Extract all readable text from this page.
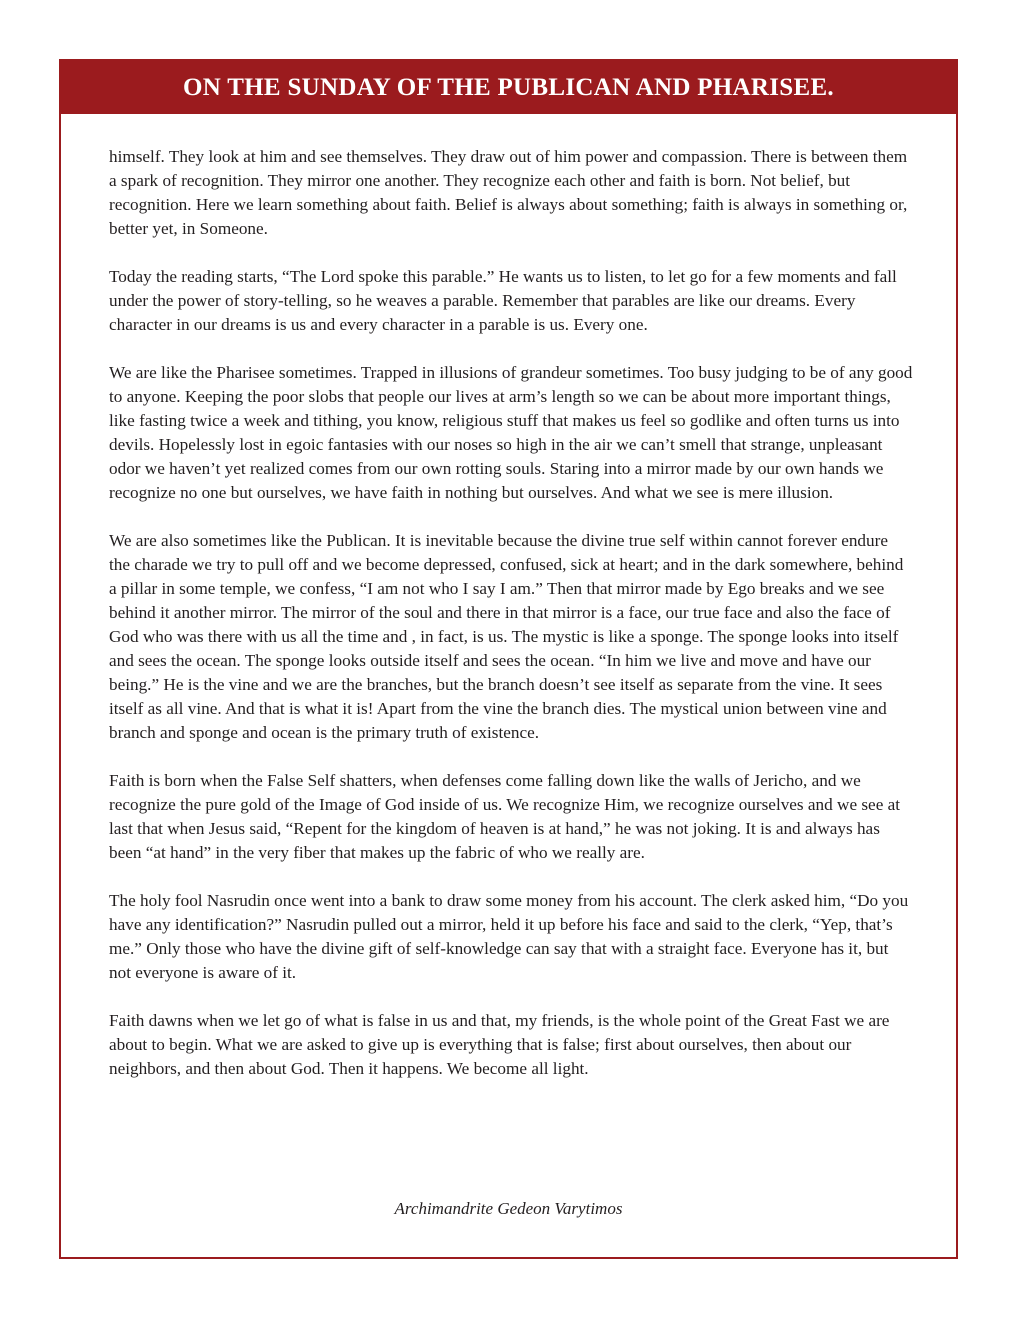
ON THE SUNDAY OF THE PUBLICAN AND PHARISEE.

himself. They look at him and see themselves. They draw out of him power and compassion. There is between them a spark of recognition. They mirror one another. They recognize each other and faith is born. Not belief, but recognition. Here we learn something about faith. Belief is always about something; faith is always in something or, better yet, in Someone.

Today the reading starts, “The Lord spoke this parable.” He wants us to listen, to let go for a few moments and fall under the power of story-telling, so he weaves a parable. Remember that parables are like our dreams. Every character in our dreams is us and every character in a parable is us. Every one.

We are like the Pharisee sometimes. Trapped in illusions of grandeur sometimes. Too busy judging to be of any good to anyone. Keeping the poor slobs that people our lives at arm’s length so we can be about more important things, like fasting twice a week and tithing, you know, religious stuff that makes us feel so godlike and often turns us into devils. Hopelessly lost in egoic fantasies with our noses so high in the air we can’t smell that strange, unpleasant odor we haven’t yet realized comes from our own rotting souls. Staring into a mirror made by our own hands we recognize no one but ourselves, we have faith in nothing but ourselves. And what we see is mere illusion.

We are also sometimes like the Publican. It is inevitable because the divine true self within cannot forever endure the charade we try to pull off and we become depressed, confused, sick at heart; and in the dark somewhere, behind a pillar in some temple, we confess, “I am not who I say I am.” Then that mirror made by Ego breaks and we see behind it another mirror. The mirror of the soul and there in that mirror is a face, our true face and also the face of God who was there with us all the time and , in fact, is us. The mystic is like a sponge. The sponge looks into itself and sees the ocean. The sponge looks outside itself and sees the ocean. “In him we live and move and have our being.” He is the vine and we are the branches, but the branch doesn’t see itself as separate from the vine. It sees itself as all vine. And that is what it is! Apart from the vine the branch dies. The mystical union between vine and branch and sponge and ocean is the primary truth of existence.

Faith is born when the False Self shatters, when defenses come falling down like the walls of Jericho, and we recognize the pure gold of the Image of God inside of us. We recognize Him, we recognize ourselves and we see at last that when Jesus said, “Repent for the kingdom of heaven is at hand,” he was not joking. It is and always has been “at hand” in the very fiber that makes up the fabric of who we really are.

The holy fool Nasrudin once went into a bank to draw some money from his account. The clerk asked him, “Do you have any identification?” Nasrudin pulled out a mirror, held it up before his face and said to the clerk, “Yep, that’s me.” Only those who have the divine gift of self-knowledge can say that with a straight face. Everyone has it, but not everyone is aware of it.

Faith dawns when we let go of what is false in us and that, my friends, is the whole point of the Great Fast we are about to begin. What we are asked to give up is everything that is false; first about ourselves, then about our neighbors, and then about God. Then it happens. We become all light.

Archimandrite Gedeon Varytimos
